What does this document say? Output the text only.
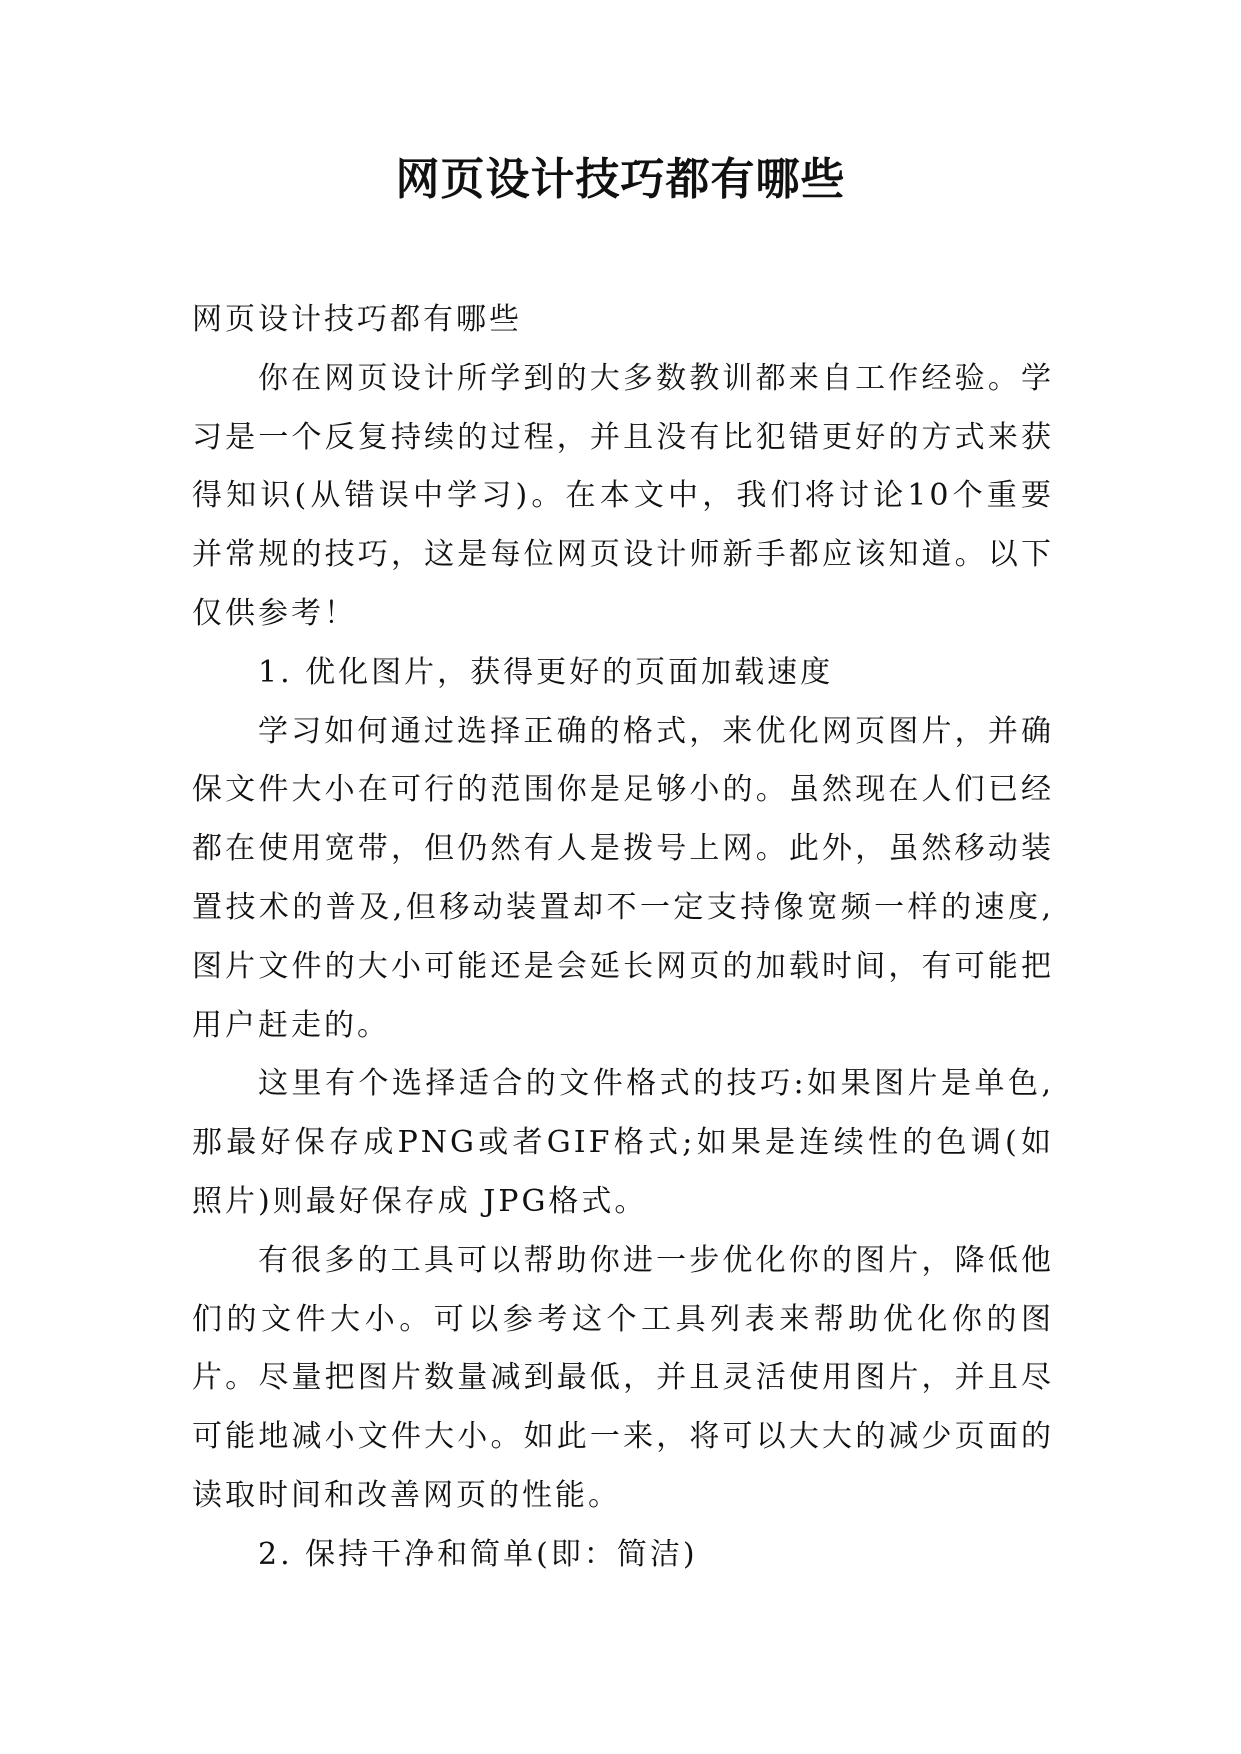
网页设计技巧都有哪些

网页设计技巧都有哪些

你在网页设计所学到的大多数教训都来自工作经验。学习是一个反复持续的过程，并且没有比犯错更好的方式来获得知识(从错误中学习)。在本文中，我们将讨论10个重要并常规的技巧，这是每位网页设计师新手都应该知道。以下仅供参考！

1. 优化图片，获得更好的页面加载速度

学习如何通过选择正确的格式，来优化网页图片，并确保文件大小在可行的范围你是足够小的。虽然现在人们已经都在使用宽带，但仍然有人是拨号上网。此外，虽然移动装置技术的普及,但移动装置却不一定支持像宽频一样的速度,图片文件的大小可能还是会延长网页的加载时间，有可能把用户赶走的。

这里有个选择适合的文件格式的技巧:如果图片是单色,那最好保存成PNG或者GIF格式;如果是连续性的色调(如照片)则最好保存成 JPG格式。

有很多的工具可以帮助你进一步优化你的图片，降低他们的文件大小。可以参考这个工具列表来帮助优化你的图片。尽量把图片数量减到最低，并且灵活使用图片，并且尽可能地减小文件大小。如此一来，将可以大大的减少页面的读取时间和改善网页的性能。

2. 保持干净和简单(即：简洁)
